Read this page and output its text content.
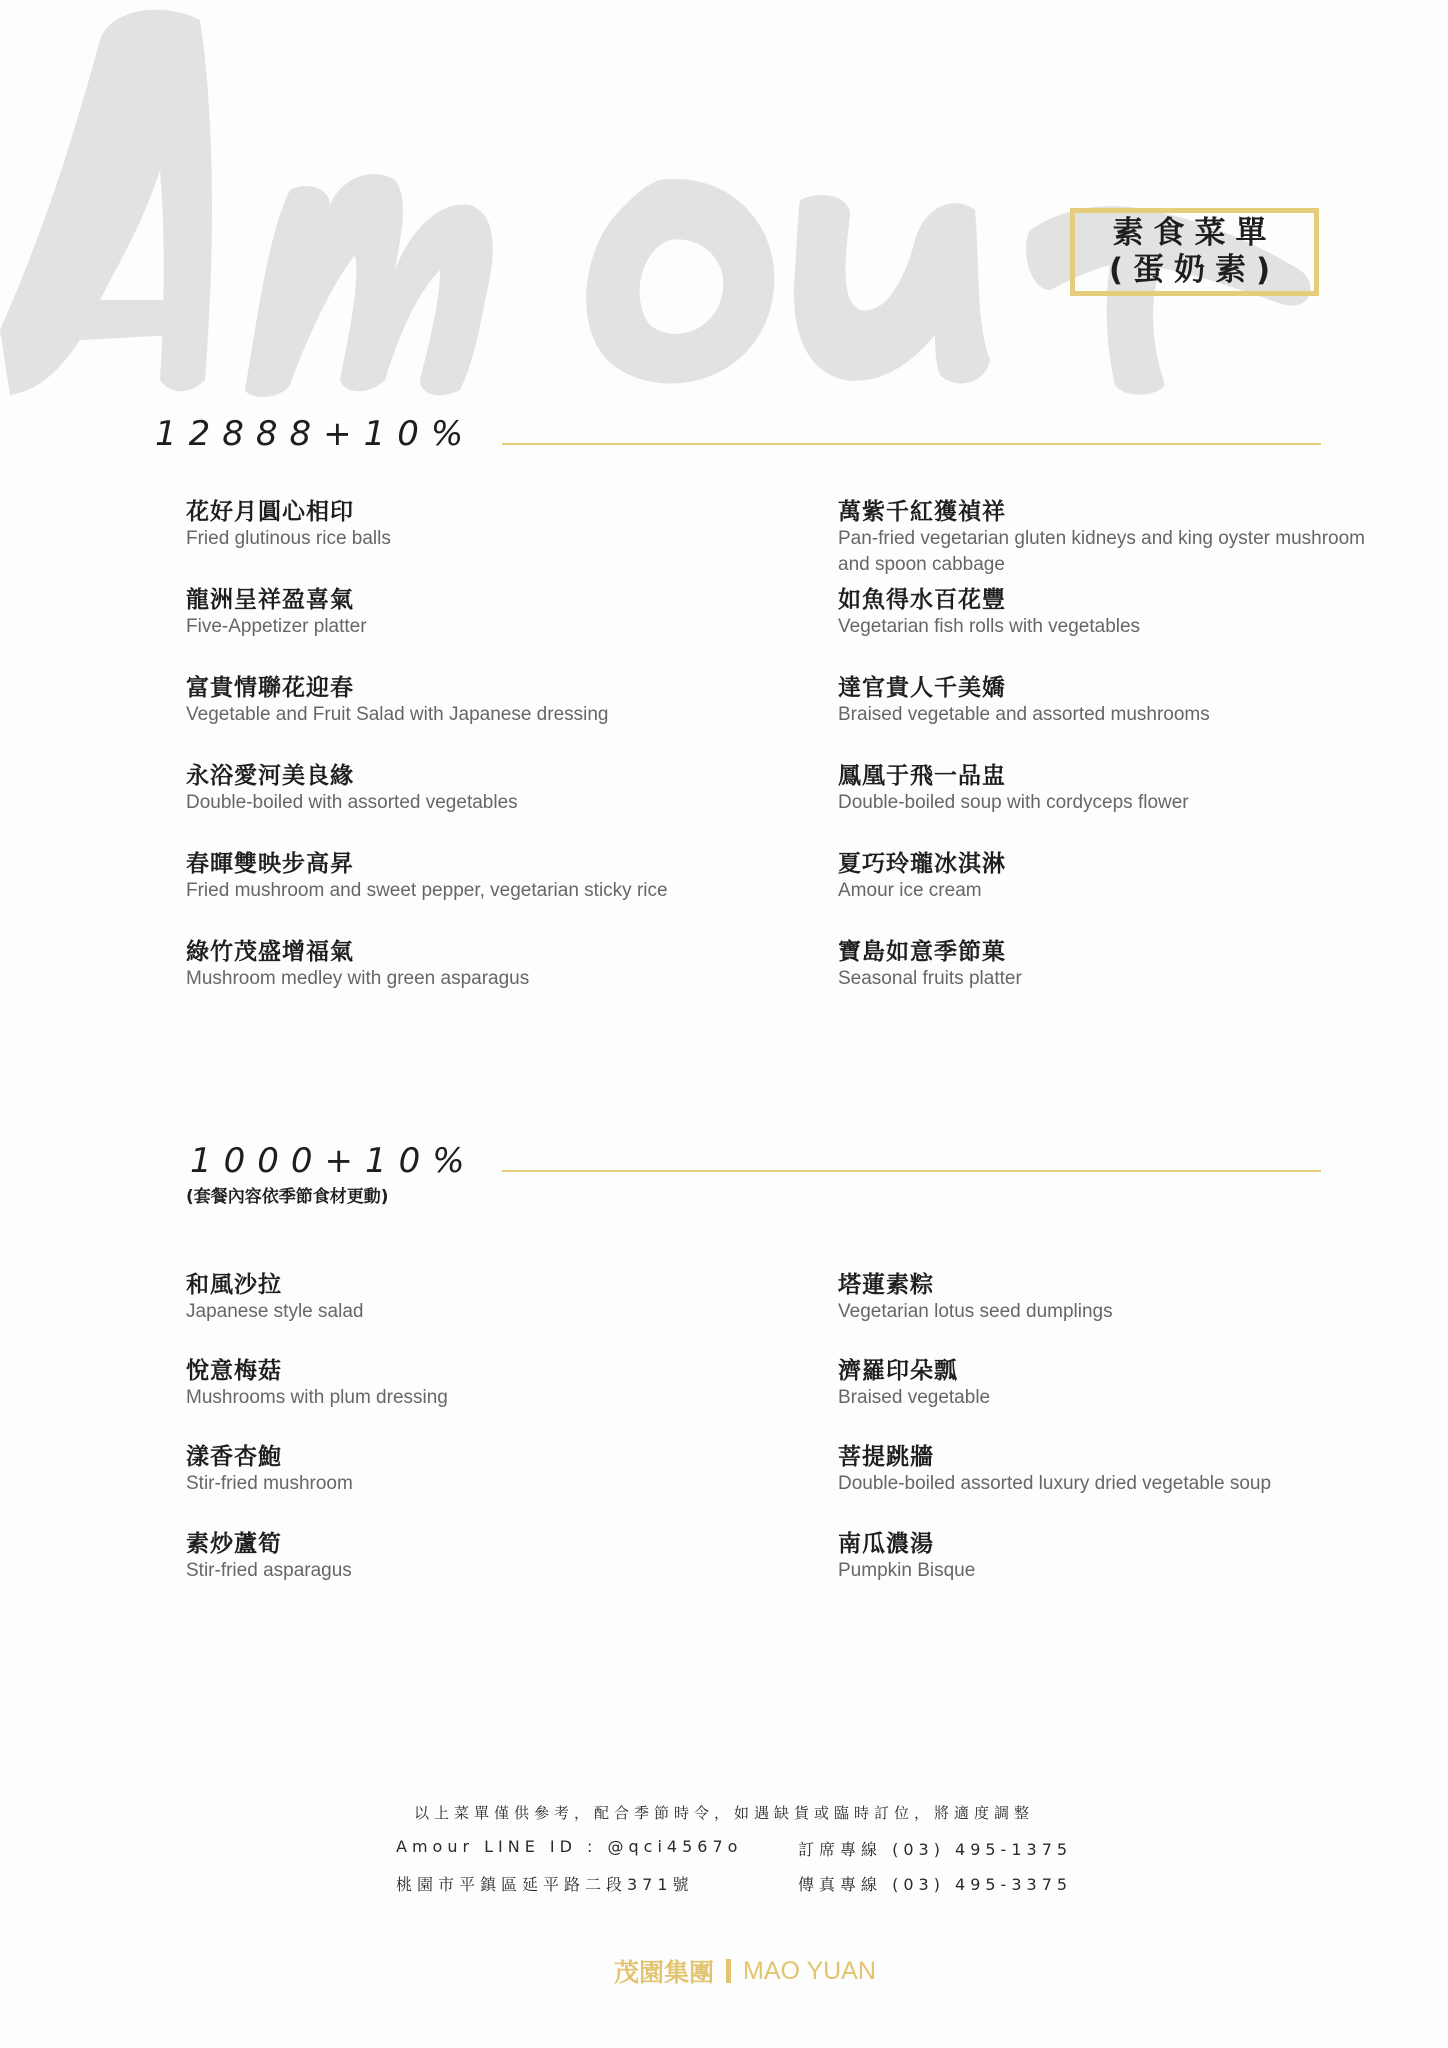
素食菜單
(蛋奶素)
12888+10%
花好月圓心相印
Fried glutinous rice balls
龍洲呈祥盈喜氣
Five-Appetizer platter
富貴情聯花迎春
Vegetable and Fruit Salad with Japanese dressing
永浴愛河美良緣
Double-boiled with assorted vegetables
春暉雙映步高昇
Fried mushroom and sweet pepper, vegetarian sticky rice
綠竹茂盛增福氣
Mushroom medley with green asparagus
萬紫千紅獲禎祥
Pan-fried vegetarian gluten kidneys and king oyster mushroom and spoon cabbage
如魚得水百花豐
Vegetarian fish rolls with vegetables
達官貴人千美嬌
Braised vegetable and assorted mushrooms
鳳凰于飛一品盅
Double-boiled soup with cordyceps flower
夏巧玲瓏冰淇淋
Amour ice cream
寶島如意季節菓
Seasonal fruits platter
1000+10%
(套餐內容依季節食材更動)
和風沙拉
Japanese style salad
悅意梅菇
Mushrooms with plum dressing
漾香杏鮑
Stir-fried mushroom
素炒蘆筍
Stir-fried asparagus
塔蓮素粽
Vegetarian lotus seed dumplings
濟羅印朵瓢
Braised vegetable
菩提跳牆
Double-boiled assorted luxury dried vegetable soup
南瓜濃湯
Pumpkin Bisque
以上菜單僅供參考，配合季節時令，如遇缺貨或臨時訂位，將適度調整
Amour LINE ID : @qci4567o	訂席專線 (03) 495-1375
桃園市平鎮區延平路二段371號	傳真專線 (03) 495-3375
茂園集團 MAO YUAN
